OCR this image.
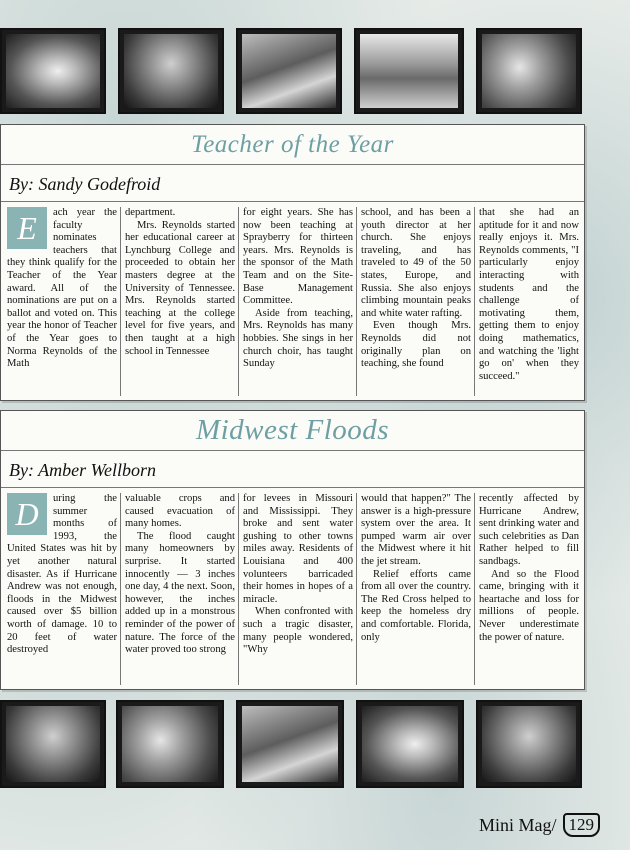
Teacher of the Year
By: Sandy Godefroid
E	ach year the faculty nominates teachers that they think qualify for the Teacher of the Year award. All of the nominations are put on a ballot and voted on. This year the honor of Teacher of the Year goes to Norma Reynolds of the Math

department.

Mrs. Reynolds started her educational career at Lynchburg College and proceeded to obtain her masters degree at the University of Tennessee. Mrs. Reynolds started teaching at the college level for five years, and then taught at a high school in Tennessee

for eight years. She has now been teaching at Sprayberry for thirteen years. Mrs. Reynolds is the sponsor of the Math Team and on the Site-Base Management Committee.

Aside from teaching, Mrs. Reynolds has many hobbies. She sings in her church choir, has taught Sunday

school, and has been a youth director at her church. She enjoys traveling, and has traveled to 49 of the 50 states, Europe, and Russia. She also enjoys climbing mountain peaks and white water rafting.

Even though Mrs. Reynolds did not originally plan on teaching, she found

that she had an aptitude for it and now really enjoys it. Mrs. Reynolds comments, "I particularly enjoy interacting with students and the challenge of motivating them, getting them to enjoy doing mathematics, and watching the 'light go on' when they succeed."

Midwest Floods
By: Amber Wellborn
D	uring the summer months of 1993, the United States was hit by yet another natural disaster. As if Hurricane Andrew was not enough, floods in the Midwest caused over $5 billion worth of damage. 10 to 20 feet of water destroyed

valuable crops and caused evacuation of many homes.

The flood caught many homeowners by surprise. It started innocently — 3 inches one day, 4 the next. Soon, however, the inches added up in a monstrous reminder of the power of nature. The force of the water proved too strong

for levees in Missouri and Mississippi. They broke and sent water gushing to other towns miles away. Residents of Louisiana and 400 volunteers barricaded their homes in hopes of a miracle.

When confronted with such a tragic disaster, many people wondered, "Why

would that happen?" The answer is a high-pressure system over the area. It pumped warm air over the Midwest where it hit the jet stream.

Relief efforts came from all over the country. The Red Cross helped to keep the homeless dry and comfortable. Florida, only

recently affected by Hurricane Andrew, sent drinking water and such celebrities as Dan Rather helped to fill sandbags.

And so the Flood came, bringing with it heartache and loss for millions of people. Never underestimate the power of nature.

Mini Mag/ 129
